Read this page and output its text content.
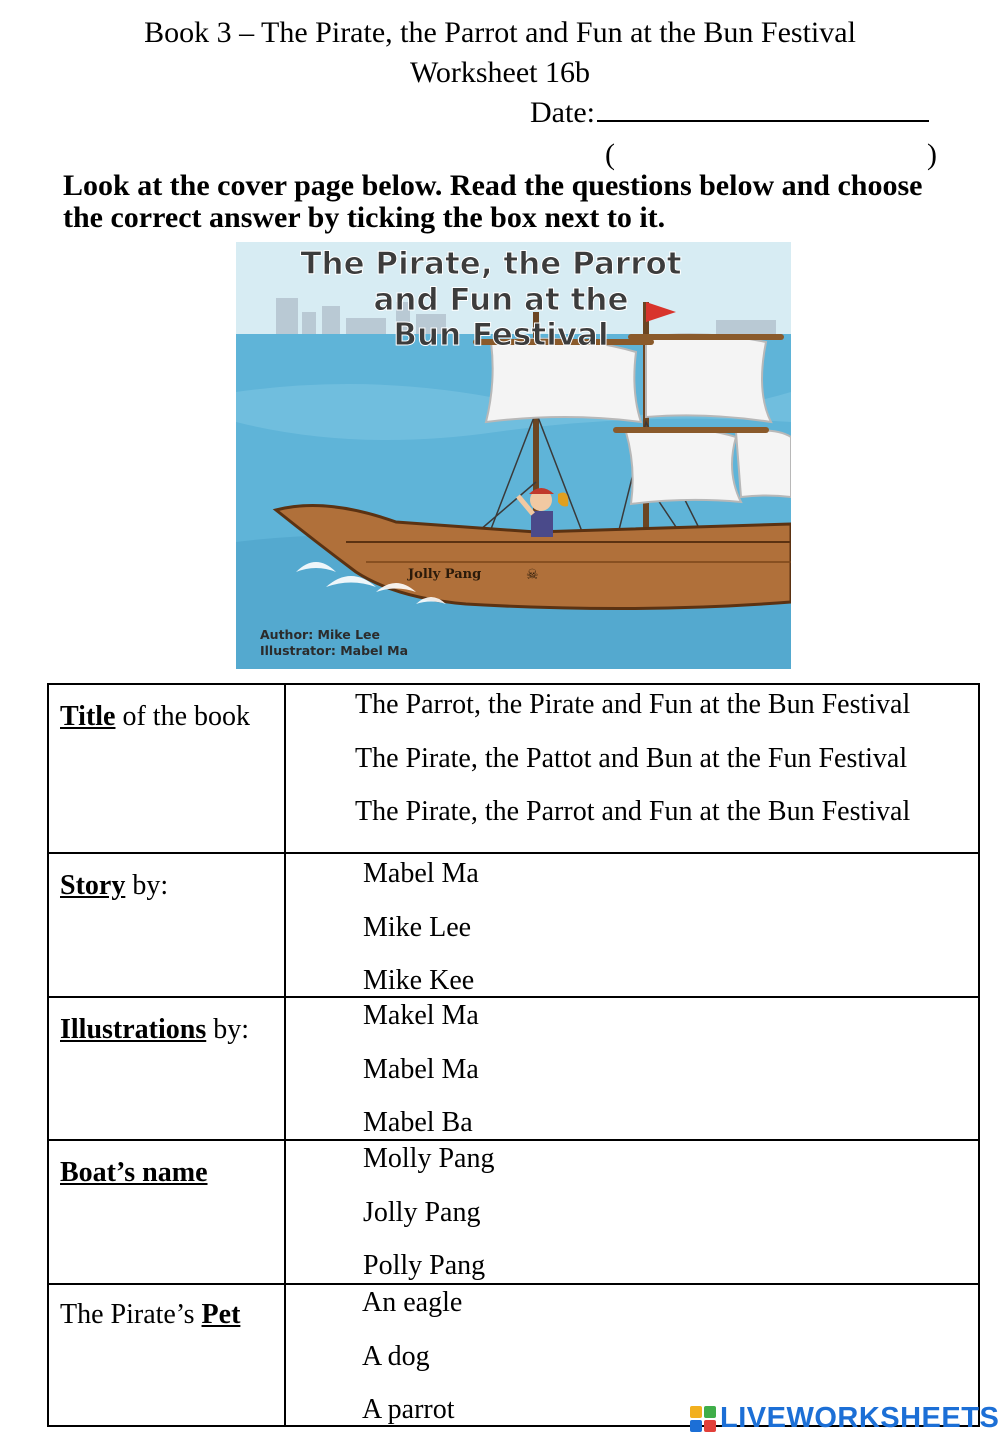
Book 3 – The Pirate, the Parrot and Fun at the Bun Festival
Worksheet 16b
Date:
(	)
Look at the cover page below. Read the questions below and choose the correct answer by ticking the box next to it.
The Pirate, the Parrot
and Fun at the
Bun Festival
Jolly Pang	☠
Author: Mike Lee
Illustrator: Mabel Ma
Title of the book	The Parrot, the Pirate and Fun at the Bun Festival
The Pirate, the Pattot and Bun at the Fun Festival
The Pirate, the Parrot and Fun at the Bun Festival
Story by:	Mabel Ma
Mike Lee
Mike Kee
Illustrations by:	Makel Ma
Mabel Ma
Mabel Ba
Boat’s name	Molly Pang
Jolly Pang
Polly Pang
The Pirate’s Pet	An eagle
A dog
A parrot	LIVEWORKSHEETS
